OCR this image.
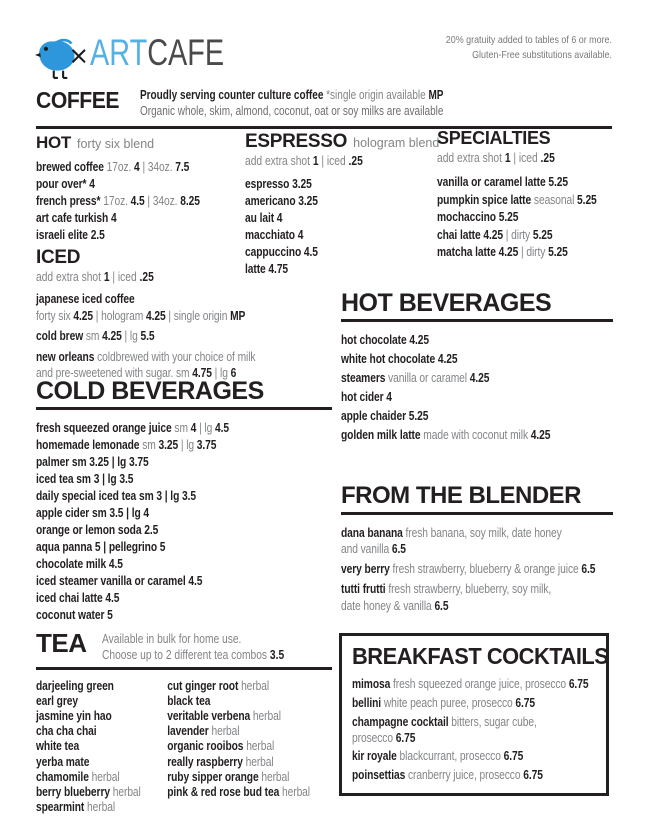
ARTCAFE	20% gratuity added to tables of 6 or more.
Gluten-Free substitutions available.
COFFEE Proudly serving counter culture coffee *single origin available MP
Organic whole, skim, almond, coconut, oat or soy milks are available
HOT forty six blend
brewed coffee 17oz. 4 | 34oz. 7.5
pour over* 4
french press* 17oz. 4.5 | 34oz. 8.25
art cafe turkish 4
israeli elite 2.5
ESPRESSO hologram blend
add extra shot 1 | iced .25
espresso 3.25
americano 3.25
au lait 4
macchiato 4
cappuccino 4.5
latte 4.75
SPECIALTIES
add extra shot 1 | iced .25
vanilla or caramel latte 5.25
pumpkin spice latte seasonal 5.25
mochaccino 5.25
chai latte 4.25 | dirty 5.25
matcha latte 4.25 | dirty 5.25
ICED
add extra shot 1 | iced .25
japanese iced coffee
forty six 4.25 | hologram 4.25 | single origin MP
cold brew sm 4.25 | lg 5.5
new orleans coldbrewed with your choice of milk
and pre-sweetened with sugar. sm 4.75 | lg 6
COLD BEVERAGES
fresh squeezed orange juice sm 4 | lg 4.5
homemade lemonade sm 3.25 | lg 3.75
palmer sm 3.25 | lg 3.75
iced tea sm 3 | lg 3.5
daily special iced tea sm 3 | lg 3.5
apple cider sm 3.5 | lg 4
orange or lemon soda 2.5
aqua panna 5 | pellegrino 5
chocolate milk 4.5
iced steamer vanilla or caramel 4.5
iced chai latte 4.5
coconut water 5
HOT BEVERAGES
hot chocolate 4.25
white hot chocolate 4.25
steamers vanilla or caramel 4.25
hot cider 4
apple chaider 5.25
golden milk latte made with coconut milk 4.25
FROM THE BLENDER
dana banana fresh banana, soy milk, date honey
and vanilla 6.5
very berry fresh strawberry, blueberry & orange juice 6.5
tutti frutti fresh strawberry, blueberry, soy milk,
date honey & vanilla 6.5
TEA Available in bulk for home use.
Choose up to 2 different tea combos 3.5
darjeeling green
earl grey
jasmine yin hao
cha cha chai
white tea
yerba mate
chamomile herbal
berry blueberry herbal
spearmint herbal
cut ginger root herbal
black tea
veritable verbena herbal
lavender herbal
organic rooibos herbal
really raspberry herbal
ruby sipper orange herbal
pink & red rose bud tea herbal
BREAKFAST COCKTAILS
mimosa fresh squeezed orange juice, prosecco 6.75
bellini white peach puree, prosecco 6.75
champagne cocktail bitters, sugar cube,
prosecco 6.75
kir royale blackcurrant, prosecco 6.75
poinsettias cranberry juice, prosecco 6.75
